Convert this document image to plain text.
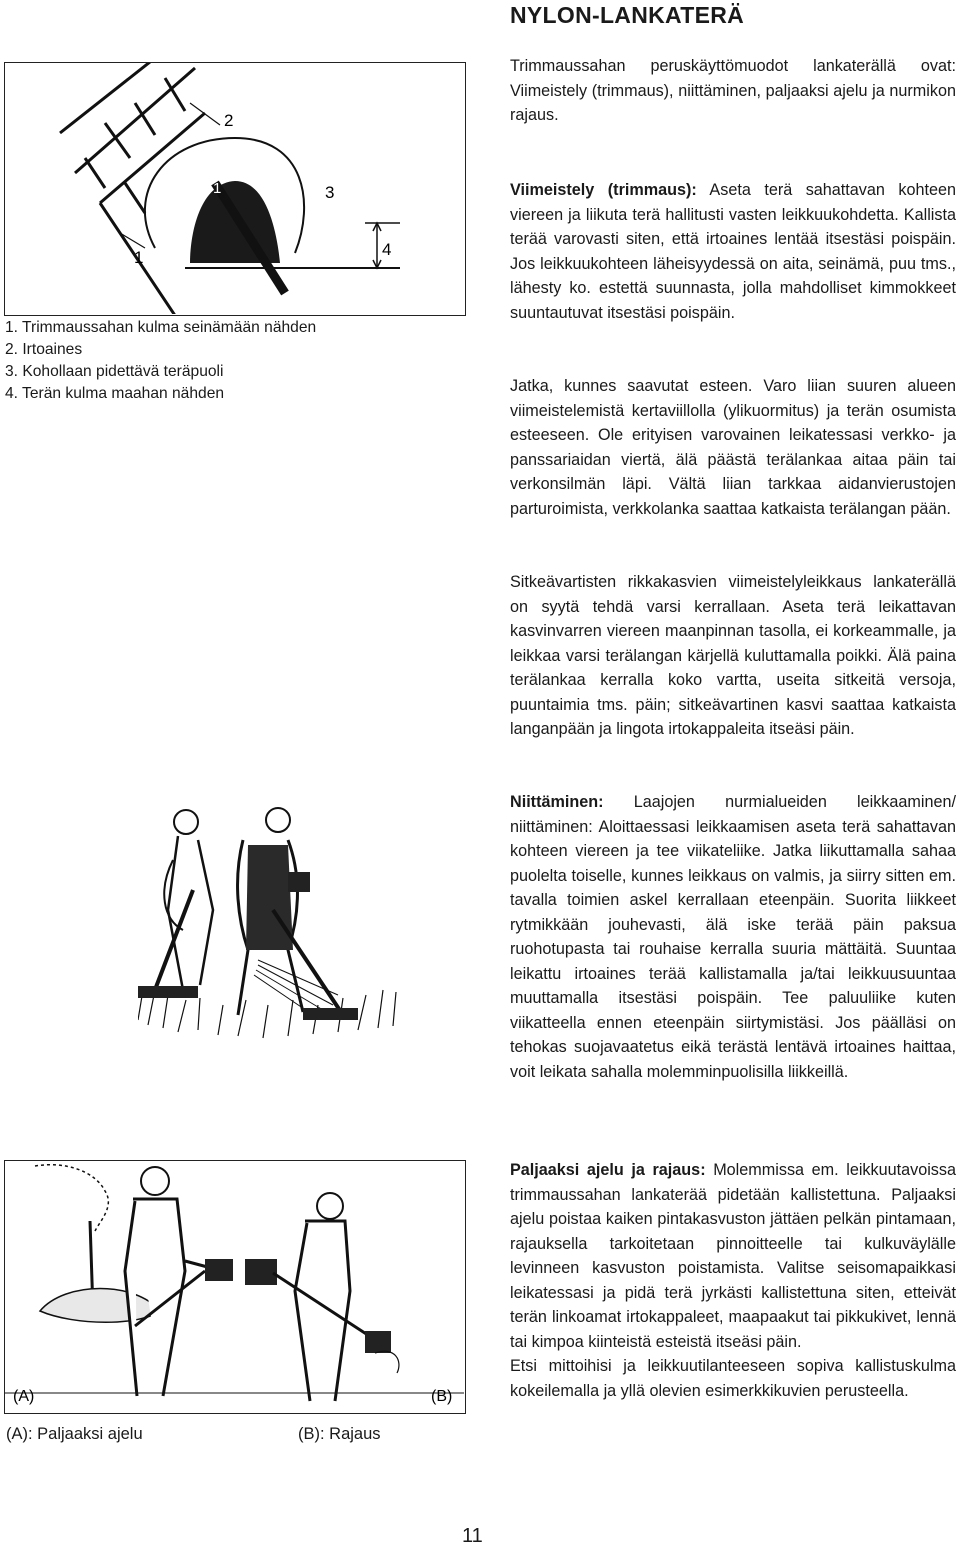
NYLON-LANKATERÄ

Trimmaussahan peruskäyttömuodot lankaterällä ovat: Viimeistely (trimmaus), niittäminen, paljaaksi ajelu ja nurmikon rajaus.

Viimeistely (trimmaus): Aseta terä sahattavan kohteen viereen ja liikuta terä hallitusti vasten leikkuukohdetta. Kallista terää varovasti siten, että irtoaines lentää itsestäsi poispäin. Jos leikkuukohteen läheisyydessä on aita, seinämä, puu tms., lähesty ko. estettä suunnasta, jolla mahdolliset kimmokkeet suuntautuvat itsestäsi poispäin.

Jatka, kunnes saavutat esteen. Varo liian suuren alueen viimeistelemistä kertaviillolla (ylikuormitus) ja terän osumista esteeseen. Ole erityisen varovainen leikatessasi verkko- ja panssariaidan viertä, älä päästä terälankaa aitaa päin tai verkonsilmän läpi. Vältä liian tarkkaa aidanvierustojen parturoimista, verkkolanka saattaa katkaista terälangan pään.

Sitkeävartisten rikkakasvien viimeistelyleikkaus lankaterällä on syytä tehdä varsi kerrallaan. Aseta terä leikattavan kasvinvarren viereen maanpinnan tasolla, ei korkeammalle, ja leikkaa varsi terälangan kärjellä kuluttamalla poikki. Älä paina terälankaa kerralla koko vartta, useita sitkeitä versoja, puuntaimia tms. päin; sitkeävartinen kasvi saattaa katkaista langanpään ja lingota irtokappaleita itseäsi päin.

Niittäminen: Laajojen nurmialueiden leikkaaminen/ niittäminen: Aloittaessasi leikkaamisen aseta terä sahattavan kohteen viereen ja tee viikateliike. Jatka liikuttamalla sahaa puolelta toiselle, kunnes leikkaus on valmis, ja siirry sitten em. tavalla toimien askel kerrallaan eteenpäin. Suorita liikkeet rytmikkään jouhevasti, älä iske terää päin paksua ruohotupasta tai rouhaise kerralla suuria mättäitä. Suuntaa leikattu irtoaines terää kallistamalla ja/tai leikkuusuuntaa muuttamalla itsestäsi poispäin. Tee paluuliike kuten viikatteella ennen eteenpäin siirtymistäsi. Jos päälläsi on tehokas suojavaatetus eikä terästä lentävä irtoaines haittaa, voit leikata sahalla molemminpuolisilla liikkeillä.

Paljaaksi ajelu ja rajaus: Molemmissa em. leikkuutavoissa trimmaussahan lankaterää pidetään kallistettuna. Paljaaksi ajelu poistaa kaiken pintakasvuston jättäen pelkän pintamaan, rajauksella tarkoitetaan pinnoitteelle tai kulkuväylälle levinneen kasvuston poistamista. Valitse seisomapaikkasi leikatessasi ja pidä terä jyrkästi kallistettuna siten, etteivät terän linkoamat irtokappaleet, maapaakut tai pikkukivet, lennä tai kimpoa kiinteistä esteistä itseäsi päin.

Etsi mittoihisi ja leikkuutilanteeseen sopiva kallistuskulma kokeilemalla ja yllä olevien esimerkkikuvien perusteella.

1
2
3
4
1
1. Trimmaussahan kulma seinämään nähden
2. Irtoaines
3. Kohollaan pidettävä teräpuoli
4. Terän kulma maahan nähden
(A)	(B)
(A): Paljaaksi ajelu	(B): Rajaus
11
